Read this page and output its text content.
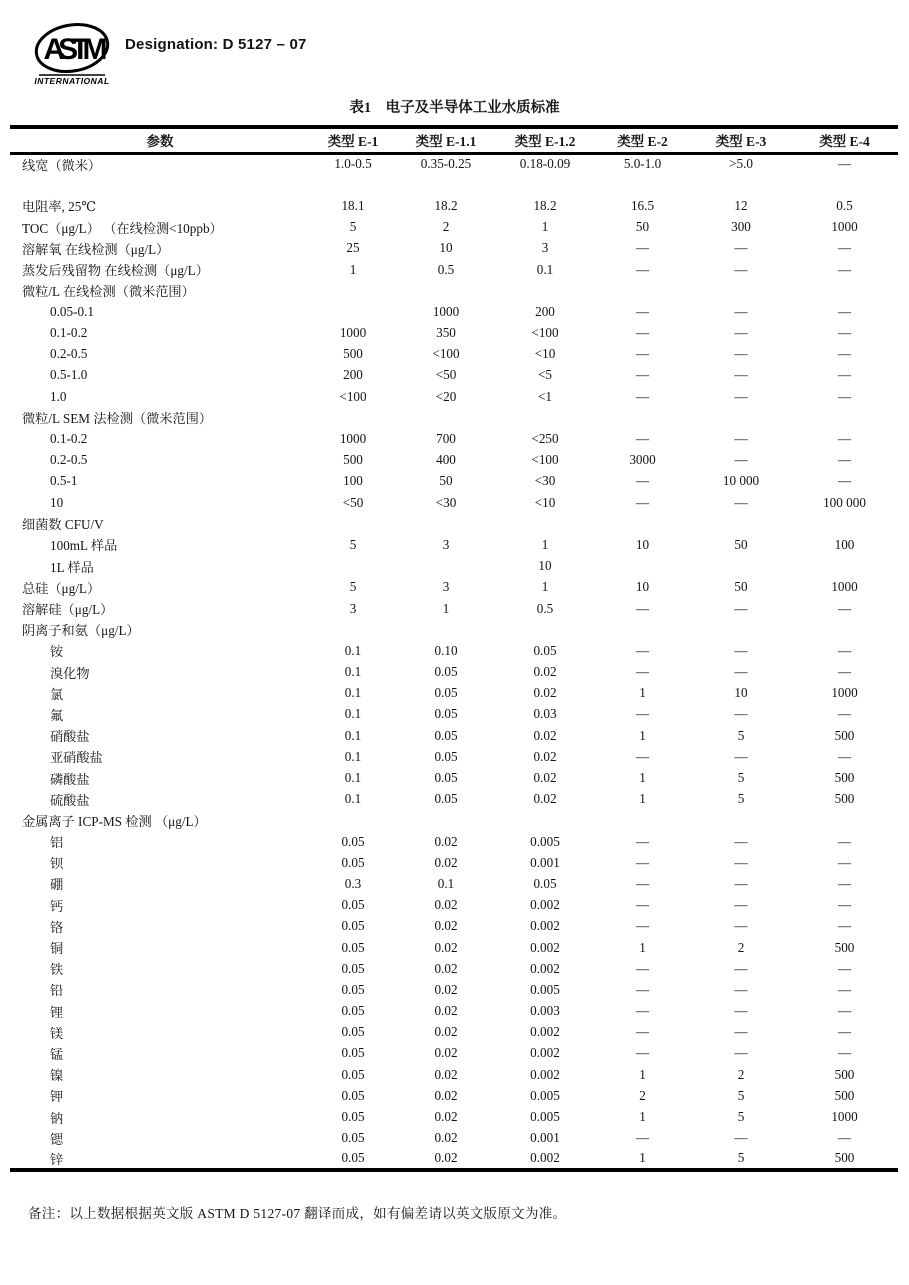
ASTM
INTERNATIONAL
Designation: D 5127 – 07
表1　电子及半导体工业水质标准
参数	类型 E-1	类型 E-1.1	类型 E-1.2	类型 E-2	类型 E-3	类型 E-4
线宽（微米）	1.0-0.5	0.35-0.25	0.18-0.09	5.0-1.0	>5.0	—

电阻率, 25℃	18.1	18.2	18.2	16.5	12	0.5
TOC（μg/L） （在线检测<10ppb）	5	2	1	50	300	1000
溶解氧 在线检测（μg/L）	25	10	3	—	—	—
蒸发后残留物 在线检测（μg/L）	1	0.5	0.1	—	—	—
微粒/L 在线检测（微米范围）						
0.05-0.1		1000	200	—	—	—
0.1-0.2	1000	350	<100	—	—	—
0.2-0.5	500	<100	<10	—	—	—
0.5-1.0	200	<50	<5	—	—	—
1.0	<100	<20	<1	—	—	—
微粒/L SEM 法检测（微米范围）						
0.1-0.2	1000	700	<250	—	—	—
0.2-0.5	500	400	<100	3000	—	—
0.5-1	100	50	<30	—	10 000	—
10	<50	<30	<10	—	—	100 000
细菌数 CFU/V						
100mL 样品	5	3	1	10	50	100
1L 样品			10			
总硅（μg/L）	5	3	1	10	50	1000
溶解硅（μg/L）	3	1	0.5	—	—	—
阴离子和氨（μg/L）						
铵	0.1	0.10	0.05	—	—	—
溴化物	0.1	0.05	0.02	—	—	—
氯	0.1	0.05	0.02	1	10	1000
氟	0.1	0.05	0.03	—	—	—
硝酸盐	0.1	0.05	0.02	1	5	500
亚硝酸盐	0.1	0.05	0.02	—	—	—
磷酸盐	0.1	0.05	0.02	1	5	500
硫酸盐	0.1	0.05	0.02	1	5	500
金属离子 ICP-MS 检测 （μg/L）						
铝	0.05	0.02	0.005	—	—	—
钡	0.05	0.02	0.001	—	—	—
硼	0.3	0.1	0.05	—	—	—
钙	0.05	0.02	0.002	—	—	—
铬	0.05	0.02	0.002	—	—	—
铜	0.05	0.02	0.002	1	2	500
铁	0.05	0.02	0.002	—	—	—
铅	0.05	0.02	0.005	—	—	—
锂	0.05	0.02	0.003	—	—	—
镁	0.05	0.02	0.002	—	—	—
锰	0.05	0.02	0.002	—	—	—
镍	0.05	0.02	0.002	1	2	500
钾	0.05	0.02	0.005	2	5	500
钠	0.05	0.02	0.005	1	5	1000
锶	0.05	0.02	0.001	—	—	—
锌	0.05	0.02	0.002	1	5	500
备注：以上数据根据英文版 ASTM D 5127-07 翻译而成，如有偏差请以英文版原文为准。
